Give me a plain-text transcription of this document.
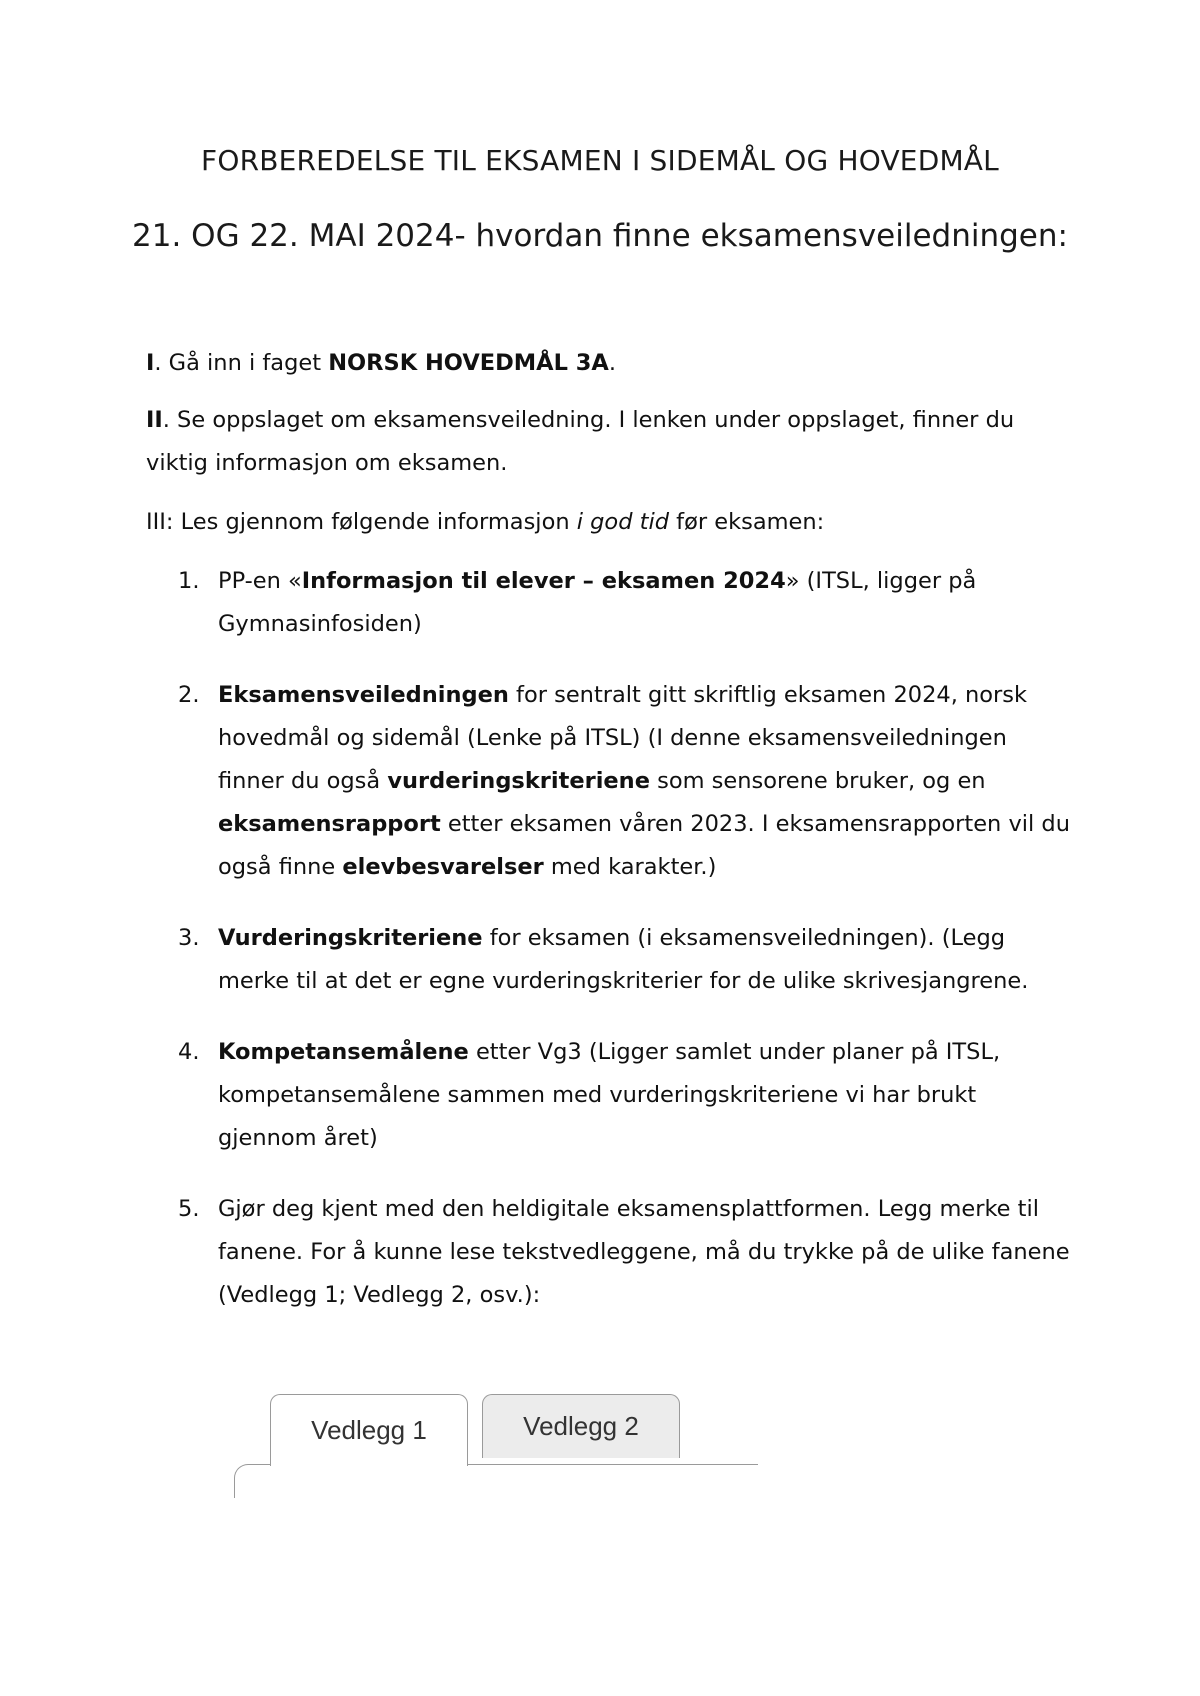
FORBEREDELSE TIL EKSAMEN I SIDEMÅL OG HOVEDMÅL
21. OG 22. MAI 2024- hvordan finne eksamensveiledningen:

I. Gå inn i faget NORSK HOVEDMÅL 3A.

II. Se oppslaget om eksamensveiledning. I lenken under oppslaget, finner du viktig informasjon om eksamen.

III: Les gjennom følgende informasjon i god tid før eksamen:

1. PP-en «Informasjon til elever – eksamen 2024» (ITSL, ligger på Gymnasinfosiden)
2. Eksamensveiledningen for sentralt gitt skriftlig eksamen 2024, norsk hovedmål og sidemål (Lenke på ITSL) (I denne eksamensveiledningen finner du også vurderingskriteriene som sensorene bruker, og en eksamensrapport etter eksamen våren 2023. I eksamensrapporten vil du også finne elevbesvarelser med karakter.)
3. Vurderingskriteriene for eksamen (i eksamensveiledningen). (Legg merke til at det er egne vurderingskriterier for de ulike skrivesjangrene.
4. Kompetansemålene etter Vg3 (Ligger samlet under planer på ITSL, kompetansemålene sammen med vurderingskriteriene vi har brukt gjennom året)
5. Gjør deg kjent med den heldigitale eksamensplattformen. Legg merke til fanene. For å kunne lese tekstvedleggene, må du trykke på de ulike fanene (Vedlegg 1; Vedlegg 2, osv.):
Vedlegg 1	Vedlegg 2
